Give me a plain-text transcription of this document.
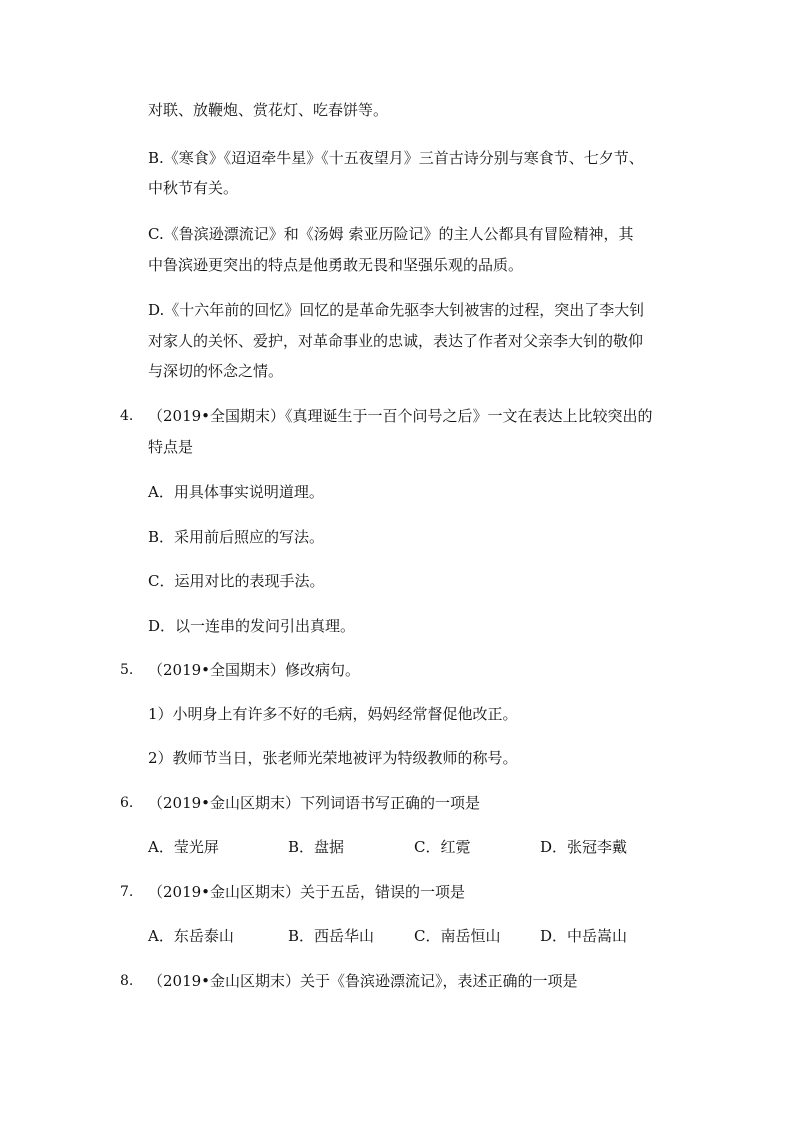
对联、放鞭炮、赏花灯、吃春饼等。
B.《寒食》《迢迢牵牛星》《十五夜望月》三首古诗分别与寒食节、七夕节、
中秋节有关。
C.《鲁滨逊漂流记》和《汤姆 索亚历险记》的主人公都具有冒险精神，其
中鲁滨逊更突出的特点是他勇敢无畏和坚强乐观的品质。
D.《十六年前的回忆》回忆的是革命先驱李大钊被害的过程，突出了李大钊
对家人的关怀、爱护，对革命事业的忠诚，表达了作者对父亲李大钊的敬仰
与深切的怀念之情。
4. （2019•全国期末）《真理诞生于一百个问号之后》一文在表达上比较突出的
特点是
A．用具体事实说明道理。
B．采用前后照应的写法。
C．运用对比的表现手法。
D．以一连串的发问引出真理。
5. （2019•全国期末）修改病句。
1）小明身上有许多不好的毛病，妈妈经常督促他改正。
2）教师节当日，张老师光荣地被评为特级教师的称号。
6. （2019•金山区期末）下列词语书写正确的一项是
A．莹光屏	B．盘据	C．红霓	D．张冠李戴
7. （2019•金山区期末）关于五岳，错误的一项是
A．东岳泰山	B．西岳华山	C．南岳恒山	D．中岳嵩山
8. （2019•金山区期末）关于《鲁滨逊漂流记》，表述正确的一项是
